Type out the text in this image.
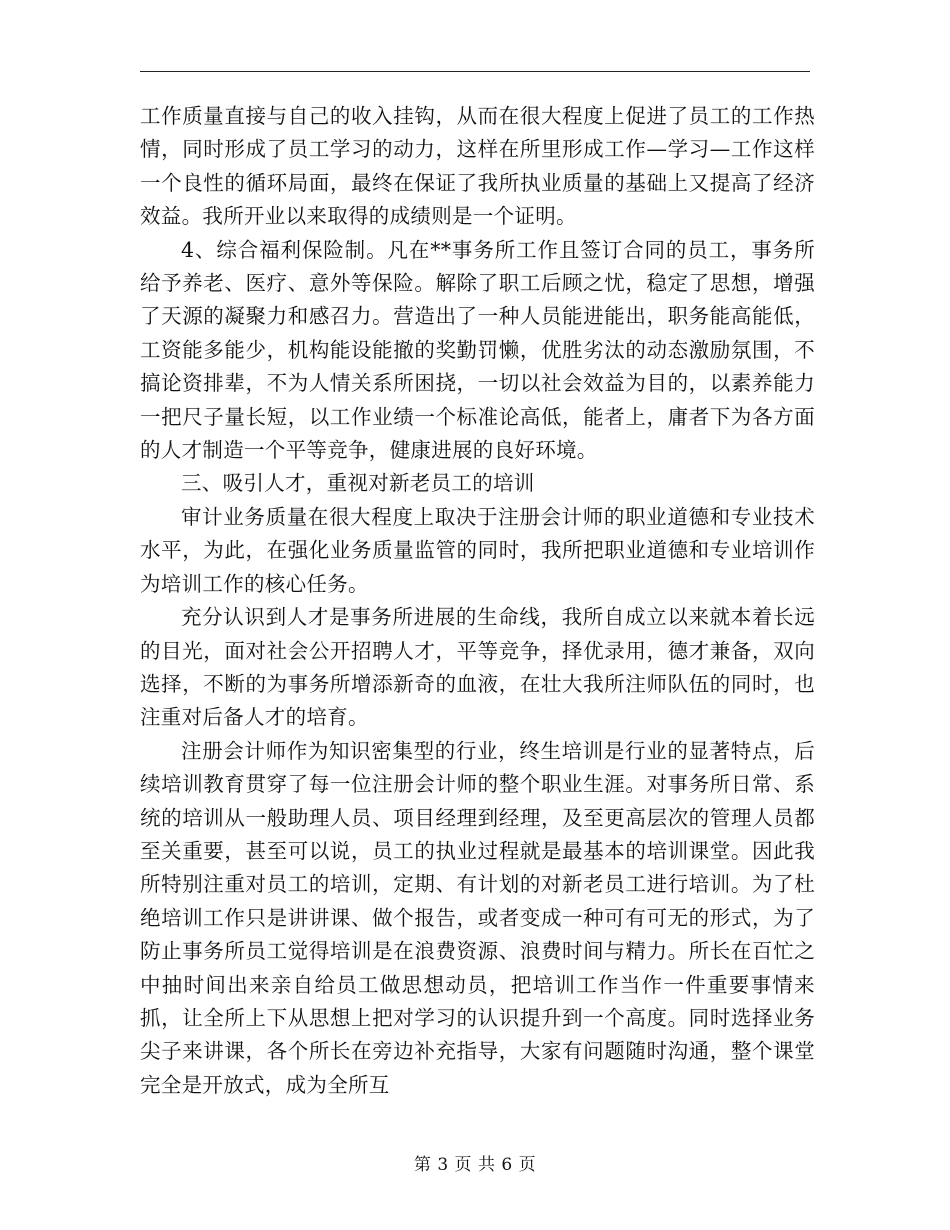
工作质量直接与自己的收入挂钩，从而在很大程度上促进了员工的工作热情，同时形成了员工学习的动力，这样在所里形成工作—学习—工作这样一个良性的循环局面，最终在保证了我所执业质量的基础上又提高了经济效益。我所开业以来取得的成绩则是一个证明。

4、综合福利保险制。凡在**事务所工作且签订合同的员工，事务所给予养老、医疗、意外等保险。解除了职工后顾之忧，稳定了思想，增强了天源的凝聚力和感召力。营造出了一种人员能进能出，职务能高能低，工资能多能少，机构能设能撤的奖勤罚懒，优胜劣汰的动态激励氛围，不搞论资排辈，不为人情关系所困挠，一切以社会效益为目的，以素养能力一把尺子量长短，以工作业绩一个标准论高低，能者上，庸者下为各方面的人才制造一个平等竞争，健康进展的良好环境。

三、吸引人才，重视对新老员工的培训

审计业务质量在很大程度上取决于注册会计师的职业道德和专业技术水平，为此，在强化业务质量监管的同时，我所把职业道德和专业培训作为培训工作的核心任务。

充分认识到人才是事务所进展的生命线，我所自成立以来就本着长远的目光，面对社会公开招聘人才，平等竞争，择优录用，德才兼备，双向选择，不断的为事务所增添新奇的血液，在壮大我所注师队伍的同时，也注重对后备人才的培育。

注册会计师作为知识密集型的行业，终生培训是行业的显著特点，后续培训教育贯穿了每一位注册会计师的整个职业生涯。对事务所日常、系统的培训从一般助理人员、项目经理到经理，及至更高层次的管理人员都至关重要，甚至可以说，员工的执业过程就是最基本的培训课堂。因此我所特别注重对员工的培训，定期、有计划的对新老员工进行培训。为了杜绝培训工作只是讲讲课、做个报告，或者变成一种可有可无的形式，为了防止事务所员工觉得培训是在浪费资源、浪费时间与精力。所长在百忙之中抽时间出来亲自给员工做思想动员，把培训工作当作一件重要事情来抓，让全所上下从思想上把对学习的认识提升到一个高度。同时选择业务尖子来讲课，各个所长在旁边补充指导，大家有问题随时沟通，整个课堂完全是开放式，成为全所互

第 3 页 共 6 页
